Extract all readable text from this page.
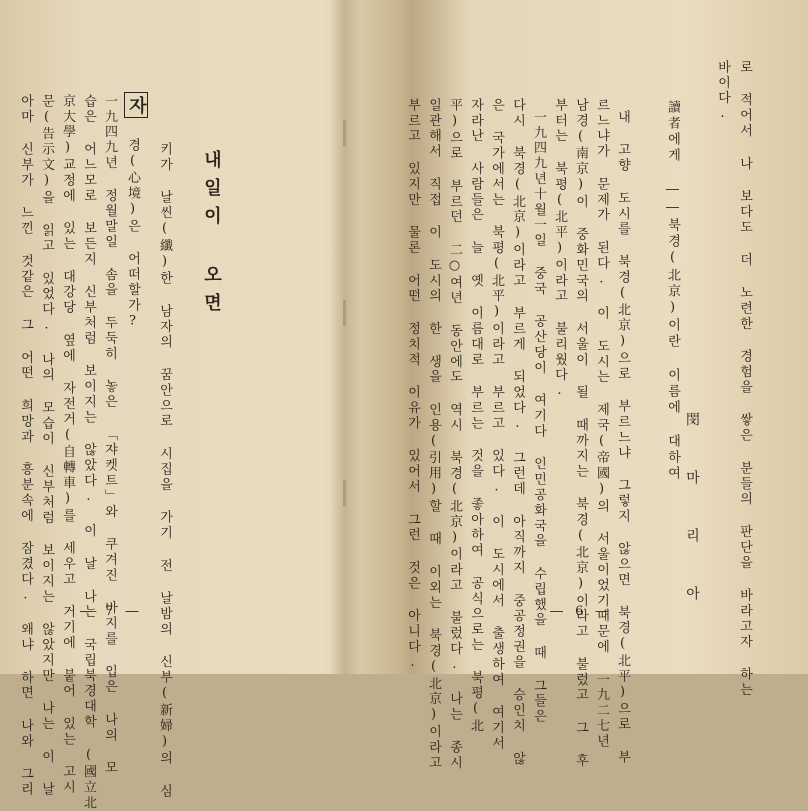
로 적어서 나 보다도 더 노련한 경험을 쌓은 분들의 판단을 바라고자 하는
바이다.
讀者에게 ――북경(北京)이란 이름에 대하여
閔 마 리 아
내 고향 도시를 북경(北京)으로 부르느냐 그렇지 않으면 북경(北平)으로 부
르느냐가 문제가 된다. 이 도시는 제국(帝國)의 서울이었기때문에 一九二七년
남경(南京)이 중화민국의 서울이 될 때까지는 북경(北京)이라고 불렀고 그 후
부터는 북평(北平)이라고 불리웠다.
一九四九년十월一일 중국 공산당이 여기다 인민공화국을 수립했을 때 그들은
다시 북경(北京)이라고 부르게 되었다. 그런데 아직까지 중공정권을 승인치 않
은 국가에서는 북평(北平)이라고 부르고 있다. 이 도시에서 출생하여 여기서
자라난 사람들은 늘 옛 이름대로 부르는 것을 좋아하여 공식으로는 북평(北
平)으로 부르던 二○여년 동안에도 역시 북경(北京)이라고 불렀다. 나는 종시
일관해서 직접 이 도시의 한 생을 인용(引用)할 때 이외는 북경(北京)이라고
부르고 있지만 물론 어떤 정치적 이유가 있어서 그런 것은 아니다.	― 6 ―
내일이 오면
자
키가 날씬(纖)한 남자의 꿈안으로 시집을 가기 전 날밤의 신부(新婦)의 심
경(心境)은 어떠할가?
一九四九년 정월말일 솜을 두둑히 놓은 「쟈켓트」와 쿠겨진 바지를 입은 나의 모
습은 어느모로 보든지 신부처럼 보이지는 않았다. 이 날 나는 국립북경대학 (國立北
京大學)교정에 있는 대강당 옆에 자전거(自轉車)를 세우고 거기에 붙어 있는 고시
문(告示文)을 읽고 있었다. 나의 모습이 신부처럼 보이지는 않았지만 나는 이 날
아마 신부가 느낀 것같은 그 어떤 희망과 흥분속에 잠겼다. 왜냐 하면 나와 그리	― 7 ―
